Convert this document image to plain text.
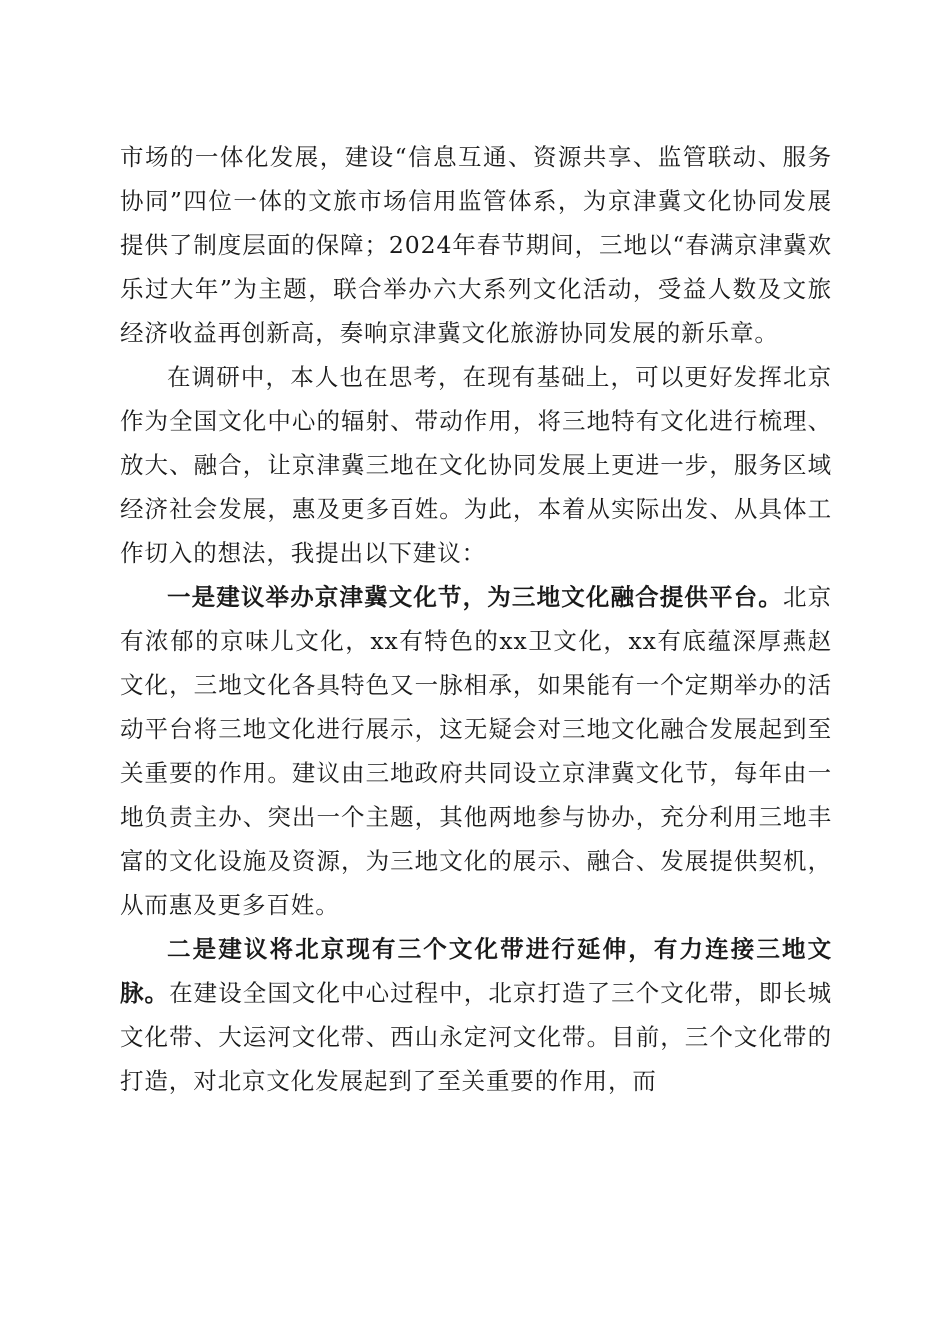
市场的一体化发展，建设“信息互通、资源共享、监管联动、服务协同”四位一体的文旅市场信用监管体系，为京津冀文化协同发展提供了制度层面的保障；2024年春节期间，三地以“春满京津冀欢乐过大年”为主题，联合举办六大系列文化活动，受益人数及文旅经济收益再创新高，奏响京津冀文化旅游协同发展的新乐章。

在调研中，本人也在思考，在现有基础上，可以更好发挥北京作为全国文化中心的辐射、带动作用，将三地特有文化进行梳理、放大、融合，让京津冀三地在文化协同发展上更进一步，服务区域经济社会发展，惠及更多百姓。为此，本着从实际出发、从具体工作切入的想法，我提出以下建议：

一是建议举办京津冀文化节，为三地文化融合提供平台。北京有浓郁的京味儿文化，xx有特色的xx卫文化，xx有底蕴深厚燕赵文化，三地文化各具特色又一脉相承，如果能有一个定期举办的活动平台将三地文化进行展示，这无疑会对三地文化融合发展起到至关重要的作用。建议由三地政府共同设立京津冀文化节，每年由一地负责主办、突出一个主题，其他两地参与协办，充分利用三地丰富的文化设施及资源，为三地文化的展示、融合、发展提供契机，从而惠及更多百姓。

二是建议将北京现有三个文化带进行延伸，有力连接三地文脉。在建设全国文化中心过程中，北京打造了三个文化带，即长城文化带、大运河文化带、西山永定河文化带。目前，三个文化带的打造，对北京文化发展起到了至关重要的作用，而
